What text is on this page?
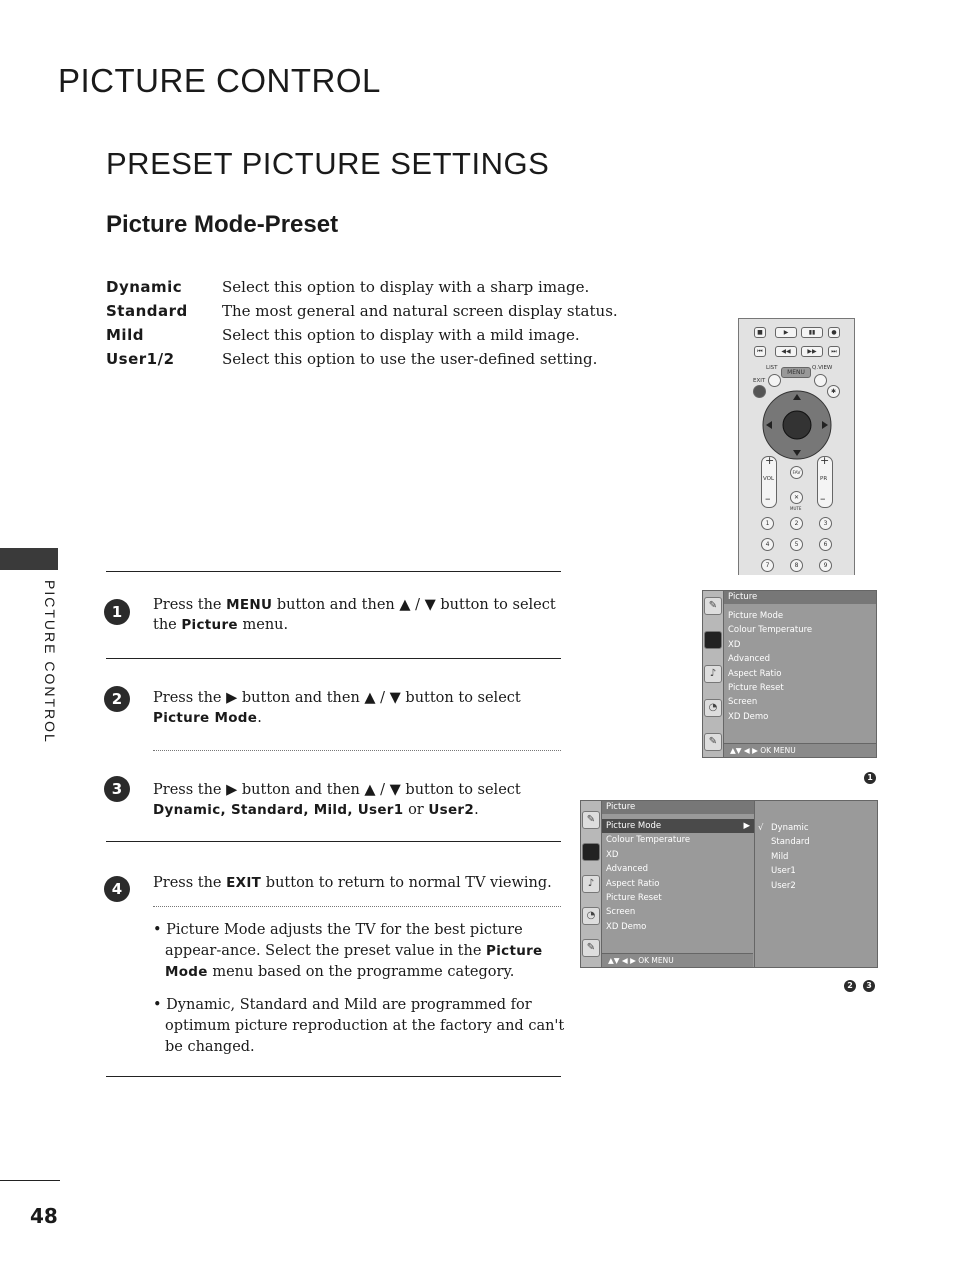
PICTURE CONTROL
PRESET PICTURE SETTINGS
Picture Mode-Preset
Dynamic	Select this option to display with a sharp image.
Standard The most general and natural screen display status.
Mild	Select this option to display with a mild image.
User1/2	Select this option to use the user-defined setting.
PICTURE CONTROL
■	▶	▮▮	●
⏮	◀◀	▶▶	⏭
LIST	Q.VIEW
EXIT
MENU
✱
+
–
VOL
+
–
PR
FAV
✕
MUTE
1	2	3
4	5	6
7	8	9
1	Press the MENU button and then ▲ / ▼ button to select the Picture menu.
2	Press the ▶ button and then ▲ / ▼ button to select Picture Mode.
3	Press the ▶ button and then ▲ / ▼ button to select Dynamic, Standard, Mild, User1 or User2.
4	Press the EXIT button to return to normal TV viewing.
• Picture Mode adjusts the TV for the best picture appear-ance. Select the preset value in the Picture Mode menu based on the programme category.
• Dynamic, Standard and Mild are programmed for optimum picture reproduction at the factory and can't be changed.
✎
♪
◔
✎
Picture
Picture Mode
Colour Temperature
XD
Advanced
Aspect Ratio
Picture Reset
Screen
XD Demo
▲▼ ◀ ▶ OK MENU
1
✎
♪
◔
✎
Picture
Picture Mode	▶
Colour Temperature
XD
Advanced
Aspect Ratio
Picture Reset
Screen
XD Demo
▲▼ ◀ ▶ OK MENU
√ Dynamic
Standard
Mild
User1
User2
2	3
48
